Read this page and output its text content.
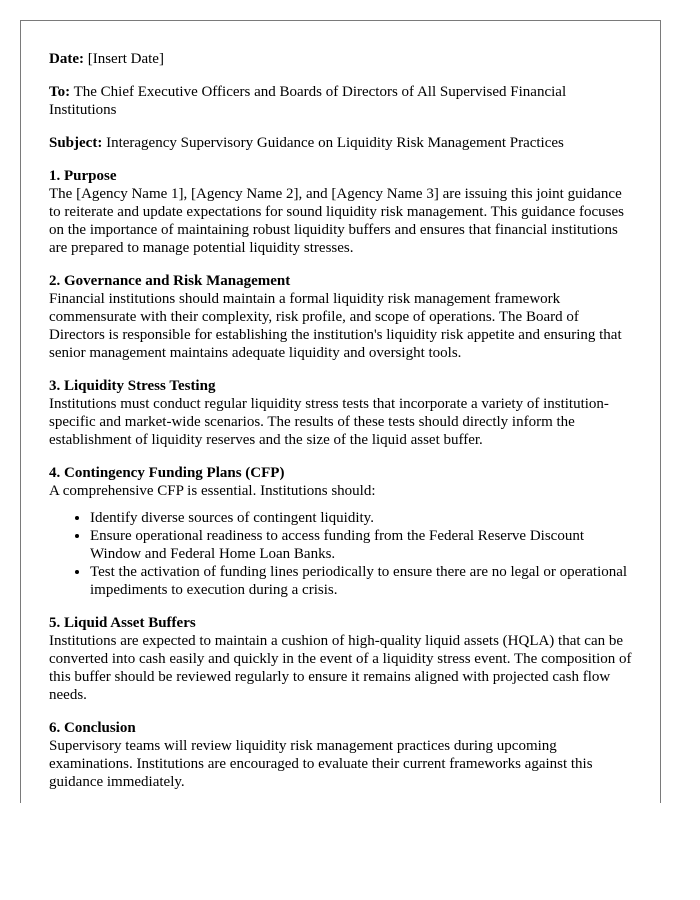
Date: [Insert Date]

To: The Chief Executive Officers and Boards of Directors of All Supervised Financial Institutions

Subject: Interagency Supervisory Guidance on Liquidity Risk Management Practices

1. Purpose

The [Agency Name 1], [Agency Name 2], and [Agency Name 3] are issuing this joint guidance to reiterate and update expectations for sound liquidity risk management. This guidance focuses on the importance of maintaining robust liquidity buffers and ensures that financial institutions are prepared to manage potential liquidity stresses.

2. Governance and Risk Management

Financial institutions should maintain a formal liquidity risk management framework commensurate with their complexity, risk profile, and scope of operations. The Board of Directors is responsible for establishing the institution's liquidity risk appetite and ensuring that senior management maintains adequate liquidity and oversight tools.

3. Liquidity Stress Testing

Institutions must conduct regular liquidity stress tests that incorporate a variety of institution-specific and market-wide scenarios. The results of these tests should directly inform the establishment of liquidity reserves and the size of the liquid asset buffer.

4. Contingency Funding Plans (CFP)

A comprehensive CFP is essential. Institutions should:

• Identify diverse sources of contingent liquidity.
• Ensure operational readiness to access funding from the Federal Reserve Discount Window and Federal Home Loan Banks.
• Test the activation of funding lines periodically to ensure there are no legal or operational impediments to execution during a crisis.

5. Liquid Asset Buffers

Institutions are expected to maintain a cushion of high-quality liquid assets (HQLA) that can be converted into cash easily and quickly in the event of a liquidity stress event. The composition of this buffer should be reviewed regularly to ensure it remains aligned with projected cash flow needs.

6. Conclusion

Supervisory teams will review liquidity risk management practices during upcoming examinations. Institutions are encouraged to evaluate their current frameworks against this guidance immediately.
